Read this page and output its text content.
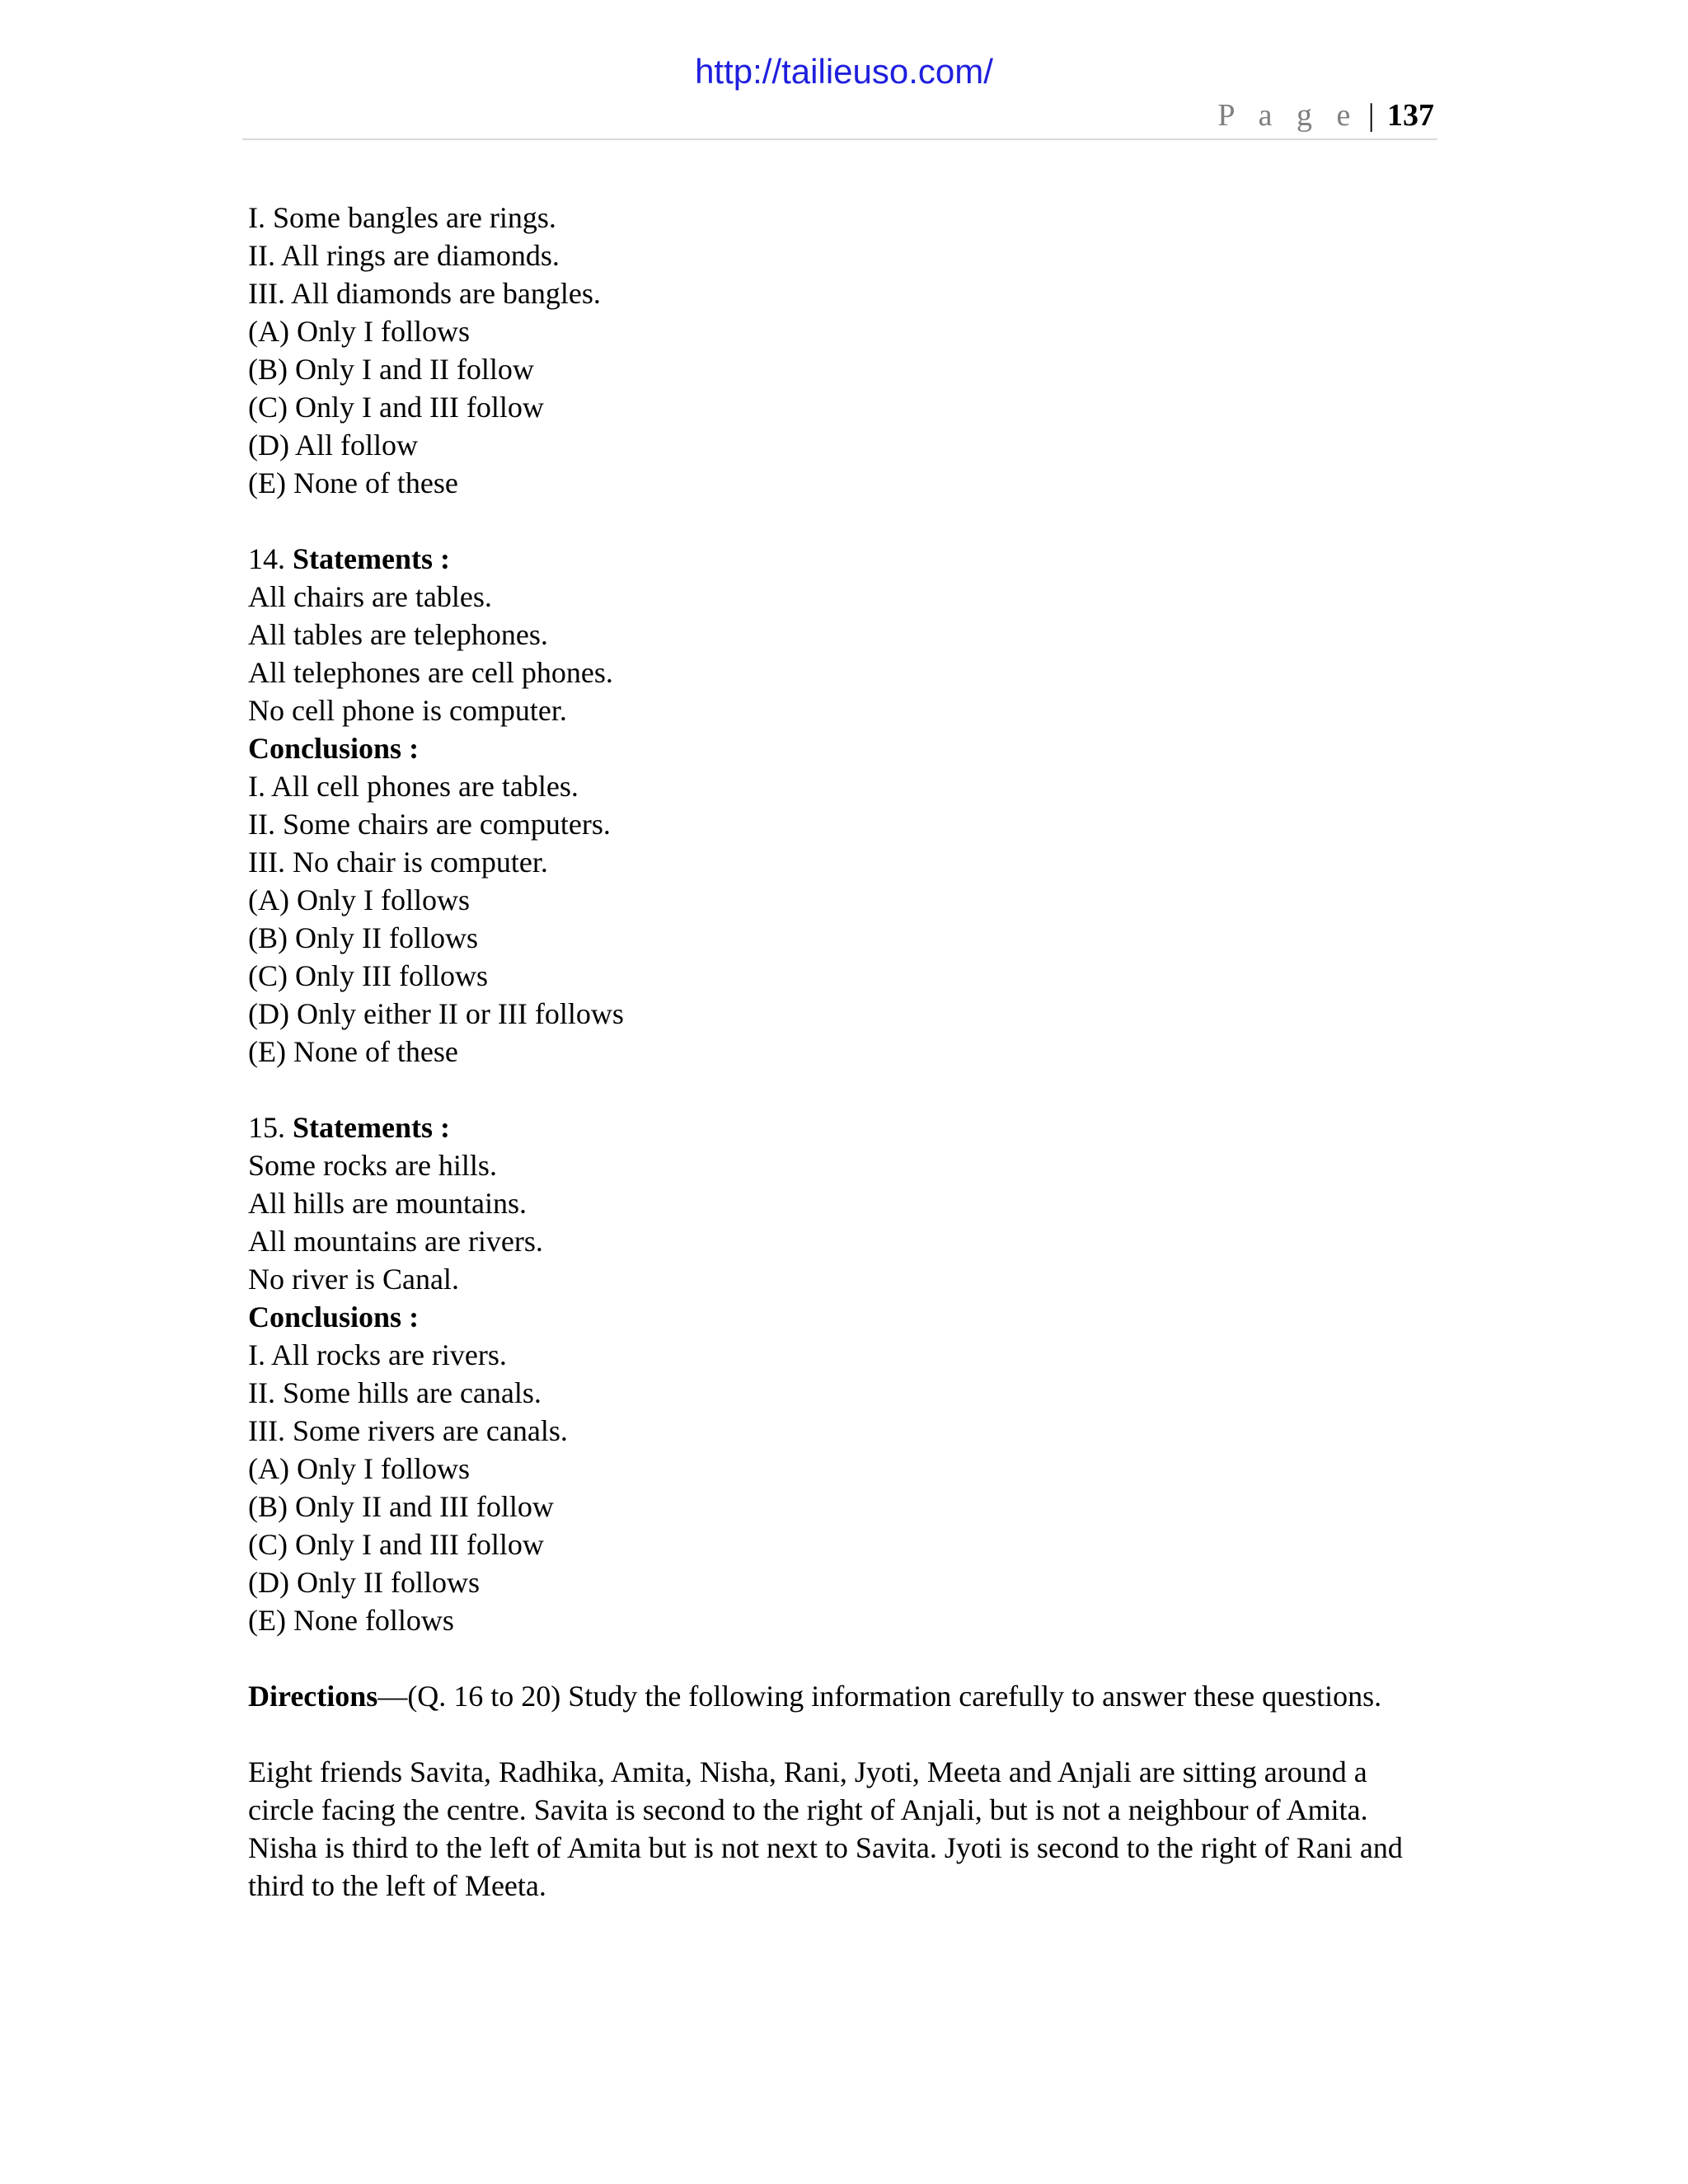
http://tailieuso.com/
P a g e | 137
I. Some bangles are rings.
II. All rings are diamonds.
III. All diamonds are bangles.
(A) Only I follows
(B) Only I and II follow
(C) Only I and III follow
(D) All follow
(E) None of these
14. Statements :
All chairs are tables.
All tables are telephones.
All telephones are cell phones.
No cell phone is computer.
Conclusions :
I. All cell phones are tables.
II. Some chairs are computers.
III. No chair is computer.
(A) Only I follows
(B) Only II follows
(C) Only III follows
(D) Only either II or III follows
(E) None of these
15. Statements :
Some rocks are hills.
All hills are mountains.
All mountains are rivers.
No river is Canal.
Conclusions :
I. All rocks are rivers.
II. Some hills are canals.
III. Some rivers are canals.
(A) Only I follows
(B) Only II and III follow
(C) Only I and III follow
(D) Only II follows
(E) None follows
Directions—(Q. 16 to 20) Study the following information carefully to answer these questions.
Eight friends Savita, Radhika, Amita, Nisha, Rani, Jyoti, Meeta and Anjali are sitting around a circle facing the centre. Savita is second to the right of Anjali, but is not a neighbour of Amita. Nisha is third to the left of Amita but is not next to Savita. Jyoti is second to the right of Rani and third to the left of Meeta.
